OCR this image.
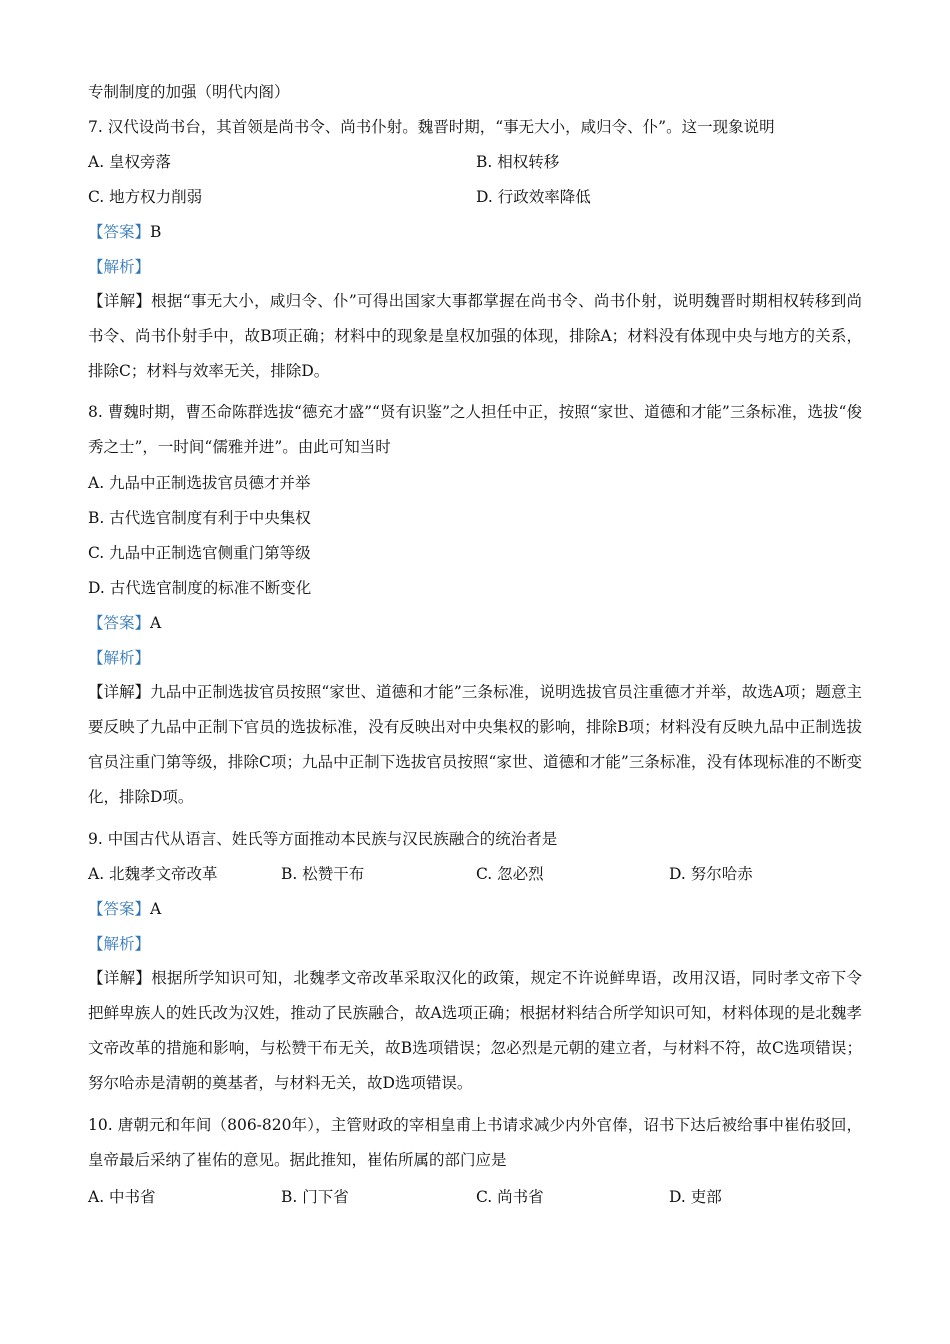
专制制度的加强（明代内阁）
7. 汉代设尚书台，其首领是尚书令、尚书仆射。魏晋时期，“事无大小，咸归令、仆”。这一现象说明
A. 皇权旁落	B. 相权转移
C. 地方权力削弱	D. 行政效率降低
【答案】B
【解析】
【详解】根据“事无大小，咸归令、仆”可得出国家大事都掌握在尚书令、尚书仆射，说明魏晋时期相权转移到尚书令、尚书仆射手中，故B项正确；材料中的现象是皇权加强的体现，排除A；材料没有体现中央与地方的关系，排除C；材料与效率无关，排除D。
8. 曹魏时期，曹丕命陈群选拔“德充才盛”“贤有识鉴”之人担任中正，按照“家世、道德和才能”三条标准，选拔“俊秀之士”，一时间“儒雅并进”。由此可知当时
A. 九品中正制选拔官员德才并举
B. 古代选官制度有利于中央集权
C. 九品中正制选官侧重门第等级
D. 古代选官制度的标准不断变化
【答案】A
【解析】
【详解】九品中正制选拔官员按照“家世、道德和才能”三条标准，说明选拔官员注重德才并举，故选A项；题意主要反映了九品中正制下官员的选拔标准，没有反映出对中央集权的影响，排除B项；材料没有反映九品中正制选拔官员注重门第等级，排除C项；九品中正制下选拔官员按照“家世、道德和才能”三条标准，没有体现标准的不断变化，排除D项。
9. 中国古代从语言、姓氏等方面推动本民族与汉民族融合的统治者是
A. 北魏孝文帝改革	B. 松赞干布	C. 忽必烈	D. 努尔哈赤
【答案】A
【解析】
【详解】根据所学知识可知，北魏孝文帝改革采取汉化的政策，规定不许说鲜卑语，改用汉语，同时孝文帝下令把鲜卑族人的姓氏改为汉姓，推动了民族融合，故A选项正确；根据材料结合所学知识可知，材料体现的是北魏孝文帝改革的措施和影响，与松赞干布无关，故B选项错误；忽必烈是元朝的建立者，与材料不符，故C选项错误；努尔哈赤是清朝的奠基者，与材料无关，故D选项错误。
10. 唐朝元和年间（806-820年），主管财政的宰相皇甫上书请求减少内外官俸，诏书下达后被给事中崔佑驳回，皇帝最后采纳了崔佑的意见。据此推知，崔佑所属的部门应是
A. 中书省	B. 门下省	C. 尚书省	D. 吏部
